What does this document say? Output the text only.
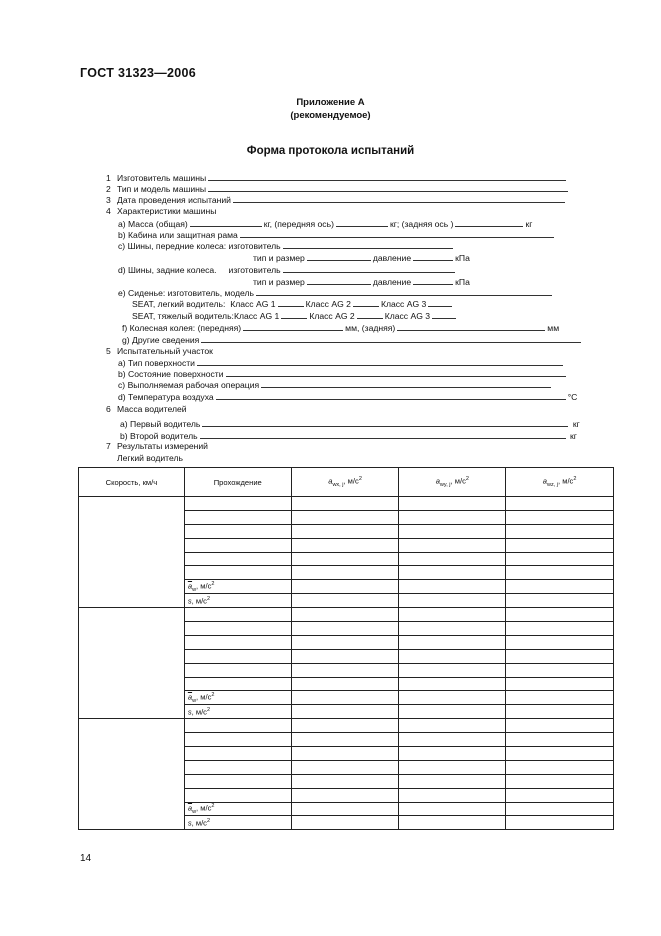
ГОСТ 31323—2006
Приложение А
(рекомендуемое)
Форма протокола испытаний
1 Изготовитель машины
2 Тип и модель машины
3 Дата проведения испытаний
4 Характеристики машины
a) Масса (общая)	кг, (передняя ось)	кг; (задняя ось )	кг
b) Кабина или защитная рама
c) Шины, передние колеса: изготовитель
тип и размер	давление	кПа
d) Шины, задние колеса. изготовитель
тип и размер	давление	кПа
e) Сиденье: изготовитель, модель
SEAT, легкий водитель: Класс AG 1	Класс AG 2	Класс AG 3
SEAT, тяжелый водитель:Класс AG 1	Класс AG 2	Класс AG 3
f) Колесная колея: (передняя)	мм, (задняя)	мм
g) Другие сведения
5 Испытательный участок
a) Тип поверхности
b) Состояние поверхности
c) Выполняемая рабочая операция
d) Температура воздуха	°С
6 Масса водителей
a) Первый водитель	кг
b) Второй водитель	кг
7 Результаты измерений
Легкий водитель
Скорость, км/ч	Прохождение	$a_{wx, j}$, $м/с^2$	$a_{wy, j}$, $м/с^2$	$a_{wz, j}$, $м/с^2$

	$\overline{a}_w$, $м/с^2$			
	s, $м/с^2$			

	$\overline{a}_w$, $м/с^2$			
	s, $м/с^2$			

	$\overline{a}_w$, $м/с^2$			
	s, $м/с^2$			
14
